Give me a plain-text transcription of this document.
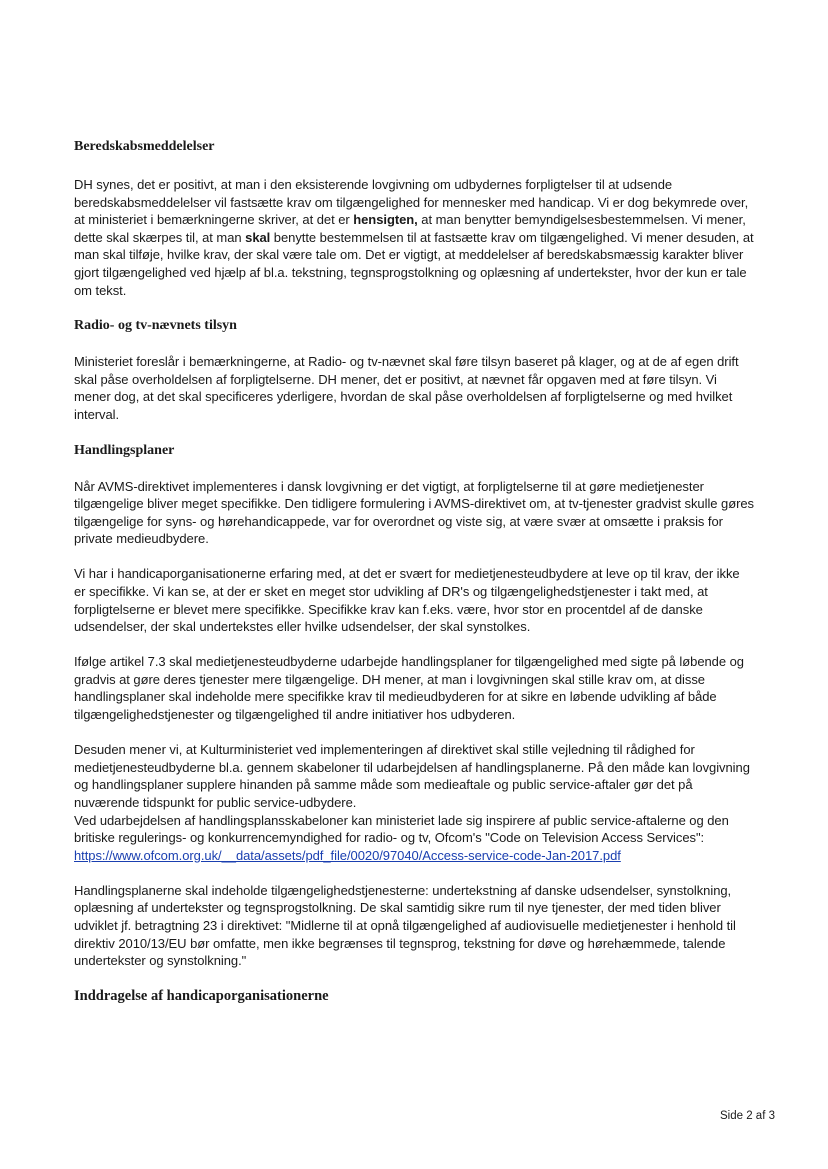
Beredskabsmeddelelser

DH synes, det er positivt, at man i den eksisterende lovgivning om udbydernes forpligtelser til at udsende beredskabsmeddelelser vil fastsætte krav om tilgængelighed for mennesker med handicap. Vi er dog bekymrede over, at ministeriet i bemærkningerne skriver, at det er hensigten, at man benytter bemyndigelsesbestemmelsen. Vi mener, dette skal skærpes til, at man skal benytte bestemmelsen til at fastsætte krav om tilgængelighed. Vi mener desuden, at man skal tilføje, hvilke krav, der skal være tale om. Det er vigtigt, at meddelelser af beredskabsmæssig karakter bliver gjort tilgængelighed ved hjælp af bl.a. tekstning, tegnsprogstolkning og oplæsning af undertekster, hvor der kun er tale om tekst.

Radio- og tv-nævnets tilsyn

Ministeriet foreslår i bemærkningerne, at Radio- og tv-nævnet skal føre tilsyn baseret på klager, og at de af egen drift skal påse overholdelsen af forpligtelserne. DH mener, det er positivt, at nævnet får opgaven med at føre tilsyn. Vi mener dog, at det skal specificeres yderligere, hvordan de skal påse overholdelsen af forpligtelserne og med hvilket interval.

Handlingsplaner

Når AVMS-direktivet implementeres i dansk lovgivning er det vigtigt, at forpligtelserne til at gøre medietjenester tilgængelige bliver meget specifikke. Den tidligere formulering i AVMS-direktivet om, at tv-tjenester gradvist skulle gøres tilgængelige for syns- og hørehandicappede, var for overordnet og viste sig, at være svær at omsætte i praksis for private medieudbydere.

Vi har i handicaporganisationerne erfaring med, at det er svært for medietjenesteudbydere at leve op til krav, der ikke er specifikke. Vi kan se, at der er sket en meget stor udvikling af DR's og tilgængelighedstjenester i takt med, at forpligtelserne er blevet mere specifikke. Specifikke krav kan f.eks. være, hvor stor en procentdel af de danske udsendelser, der skal undertekstes eller hvilke udsendelser, der skal synstolkes.

Ifølge artikel 7.3 skal medietjenesteudbyderne udarbejde handlingsplaner for tilgængelighed med sigte på løbende og gradvis at gøre deres tjenester mere tilgængelige. DH mener, at man i lovgivningen skal stille krav om, at disse handlingsplaner skal indeholde mere specifikke krav til medieudbyderen for at sikre en løbende udvikling af både tilgængelighedstjenester og tilgængelighed til andre initiativer hos udbyderen.

Desuden mener vi, at Kulturministeriet ved implementeringen af direktivet skal stille vejledning til rådighed for medietjenesteudbyderne bl.a. gennem skabeloner til udarbejdelsen af handlingsplanerne. På den måde kan lovgivning og handlingsplaner supplere hinanden på samme måde som medieaftale og public service-aftaler gør det på nuværende tidspunkt for public service-udbydere.

Ved udarbejdelsen af handlingsplansskabeloner kan ministeriet lade sig inspirere af public service-aftalerne og den britiske regulerings- og konkurrencemyndighed for radio- og tv, Ofcom's "Code on Television Access Services": https://www.ofcom.org.uk/__data/assets/pdf_file/0020/97040/Access-service-code-Jan-2017.pdf

Handlingsplanerne skal indeholde tilgængelighedstjenesterne: undertekstning af danske udsendelser, synstolkning, oplæsning af undertekster og tegnsprogstolkning. De skal samtidig sikre rum til nye tjenester, der med tiden bliver udviklet jf. betragtning 23 i direktivet: "Midlerne til at opnå tilgængelighed af audiovisuelle medietjenester i henhold til direktiv 2010/13/EU bør omfatte, men ikke begrænses til tegnsprog, tekstning for døve og hørehæmmede, talende undertekster og synstolkning."

Inddragelse af handicaporganisationerne
Side 2 af 3
